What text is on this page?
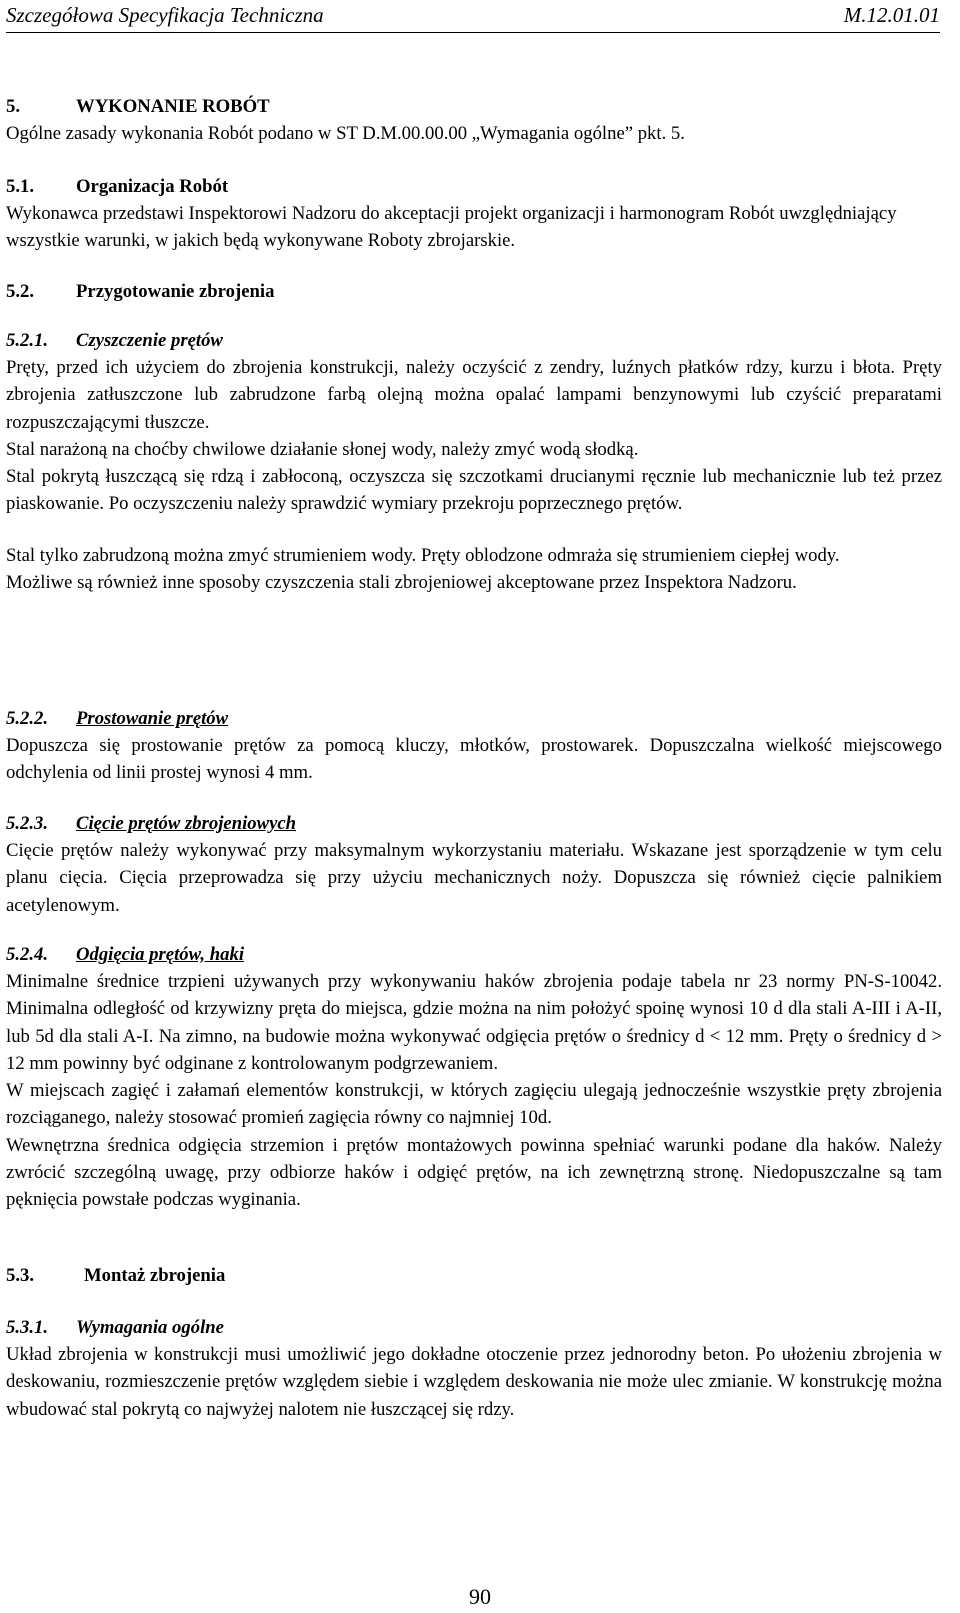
Szczegółowa Specyfikacja Techniczna	M.12.01.01
5.	WYKONANIE ROBÓT
Ogólne zasady wykonania Robót podano w ST D.M.00.00.00 „Wymagania ogólne” pkt. 5.
5.1. Organizacja Robót
Wykonawca przedstawi Inspektorowi Nadzoru do akceptacji projekt organizacji i harmonogram Robót uwzględniający wszystkie warunki, w jakich będą wykonywane Roboty zbrojarskie.
5.2. Przygotowanie zbrojenia
5.2.1. Czyszczenie prętów
Pręty, przed ich użyciem do zbrojenia konstrukcji, należy oczyścić z zendry, luźnych płatków rdzy, kurzu i błota. Pręty zbrojenia zatłuszczone lub zabrudzone farbą olejną można opalać lampami benzynowymi lub czyścić preparatami rozpuszczającymi tłuszcze.
Stal narażoną na choćby chwilowe działanie słonej wody, należy zmyć wodą słodką.
Stal pokrytą łuszczącą się rdzą i zabłoconą, oczyszcza się szczotkami drucianymi ręcznie lub mechanicznie lub też przez piaskowanie. Po oczyszczeniu należy sprawdzić wymiary przekroju poprzecznego prętów.
Stal tylko zabrudzoną można zmyć strumieniem wody. Pręty oblodzone odmraża się strumieniem ciepłej wody.
Możliwe są również inne sposoby czyszczenia stali zbrojeniowej akceptowane przez Inspektora Nadzoru.
5.2.2. Prostowanie prętów
Dopuszcza się prostowanie prętów za pomocą kluczy, młotków, prostowarek. Dopuszczalna wielkość miejscowego odchylenia od linii prostej wynosi 4 mm.
5.2.3. Cięcie prętów zbrojeniowych
Cięcie prętów należy wykonywać przy maksymalnym wykorzystaniu materiału. Wskazane jest sporządzenie w tym celu planu cięcia. Cięcia przeprowadza się przy użyciu mechanicznych noży. Dopuszcza się również cięcie palnikiem acetylenowym.
5.2.4. Odgięcia prętów, haki
Minimalne średnice trzpieni używanych przy wykonywaniu haków zbrojenia podaje tabela nr 23 normy PN-S-10042. Minimalna odległość od krzywizny pręta do miejsca, gdzie można na nim położyć spoinę wynosi 10 d dla stali A-III i A-II, lub 5d dla stali A-I. Na zimno, na budowie można wykonywać odgięcia prętów o średnicy d < 12 mm. Pręty o średnicy d > 12 mm powinny być odginane z kontrolowanym podgrzewaniem.
W miejscach zagięć i załamań elementów konstrukcji, w których zagięciu ulegają jednocześnie wszystkie pręty zbrojenia rozciąganego, należy stosować promień zagięcia równy co najmniej 10d.
Wewnętrzna średnica odgięcia strzemion i prętów montażowych powinna spełniać warunki podane dla haków. Należy zwrócić szczególną uwagę, przy odbiorze haków i odgięć prętów, na ich zewnętrzną stronę. Niedopuszczalne są tam pęknięcia powstałe podczas wyginania.
5.3.	Montaż zbrojenia
5.3.1. Wymagania ogólne
Układ zbrojenia w konstrukcji musi umożliwić jego dokładne otoczenie przez jednorodny beton. Po ułożeniu zbrojenia w deskowaniu, rozmieszczenie prętów względem siebie i względem deskowania nie może ulec zmianie. W konstrukcję można wbudować stal pokrytą co najwyżej nalotem nie łuszczącej się rdzy.
90
